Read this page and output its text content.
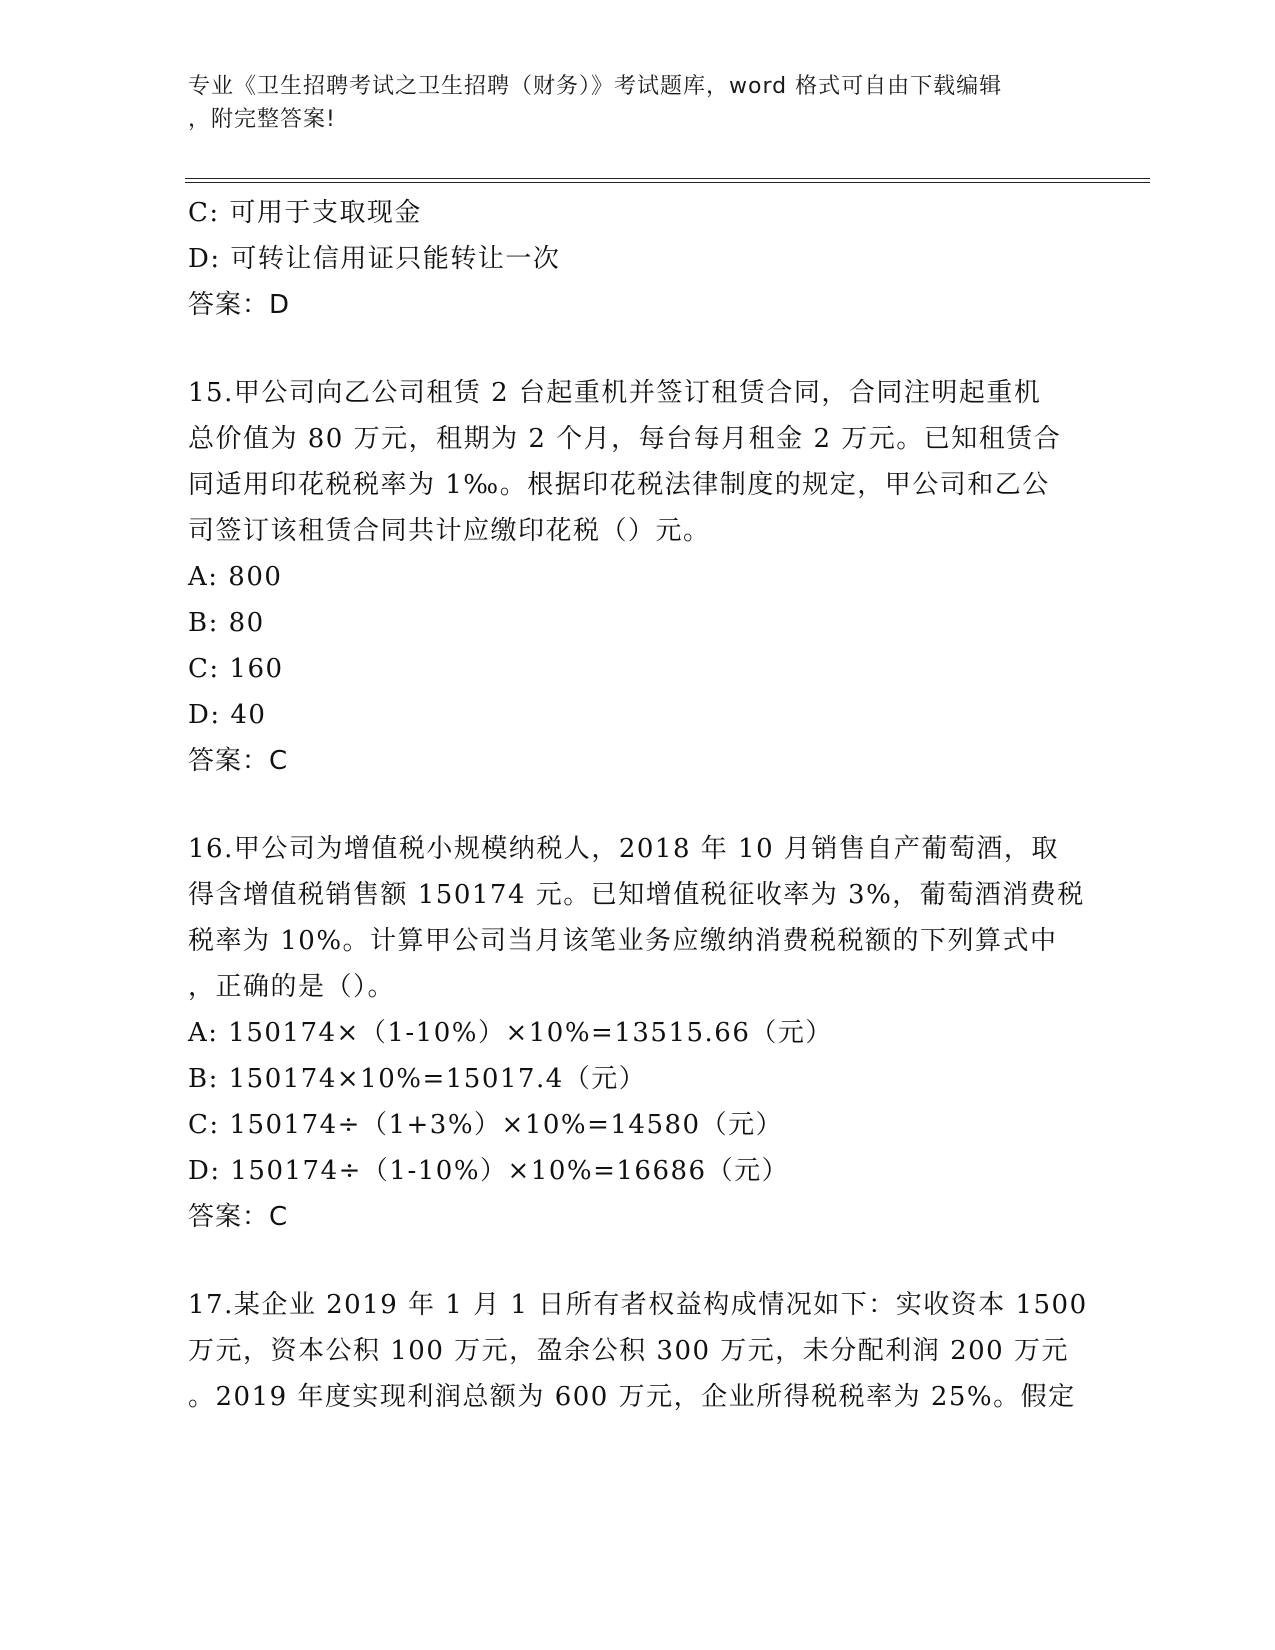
专业《卫生招聘考试之卫生招聘（财务）》考试题库，word 格式可自由下载编辑
，附完整答案!
C: 可用于支取现金
D: 可转让信用证只能转让一次
答案：D
15.甲公司向乙公司租赁 2 台起重机并签订租赁合同，合同注明起重机
总价值为 80 万元，租期为 2 个月，每台每月租金 2 万元。已知租赁合
同适用印花税税率为 1‰。根据印花税法律制度的规定，甲公司和乙公
司签订该租赁合同共计应缴印花税（）元。
A: 800
B: 80
C: 160
D: 40
答案：C
16.甲公司为增值税小规模纳税人，2018 年 10 月销售自产葡萄酒，取
得含增值税销售额 150174 元。已知增值税征收率为 3%，葡萄酒消费税
税率为 10%。计算甲公司当月该笔业务应缴纳消费税税额的下列算式中
，正确的是（）。
A: 150174×（1-10%）×10%=13515.66（元）
B: 150174×10%=15017.4（元）
C: 150174÷（1+3%）×10%=14580（元）
D: 150174÷（1-10%）×10%=16686（元）
答案：C
17.某企业 2019 年 1 月 1 日所有者权益构成情况如下：实收资本 1500
万元，资本公积 100 万元，盈余公积 300 万元，未分配利润 200 万元
。2019 年度实现利润总额为 600 万元，企业所得税税率为 25%。假定
